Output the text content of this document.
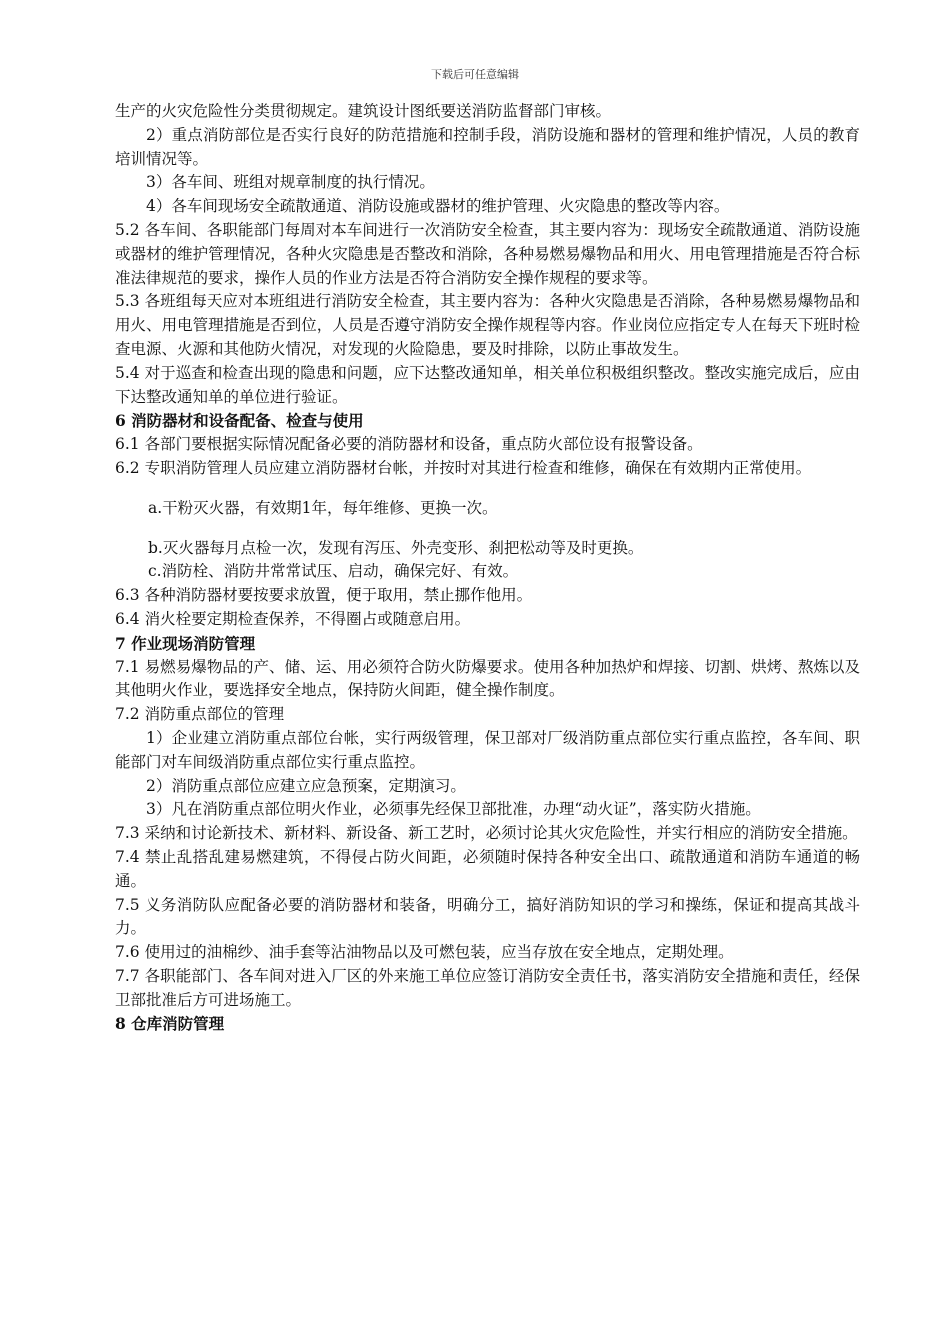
下载后可任意编辑
生产的火灾危险性分类贯彻规定。建筑设计图纸要送消防监督部门审核。
2）重点消防部位是否实行良好的防范措施和控制手段，消防设施和器材的管理和维护情况，人员的教育培训情况等。
3）各车间、班组对规章制度的执行情况。
4）各车间现场安全疏散通道、消防设施或器材的维护管理、火灾隐患的整改等内容。
5.2 各车间、各职能部门每周对本车间进行一次消防安全检查，其主要内容为：现场安全疏散通道、消防设施或器材的维护管理情况，各种火灾隐患是否整改和消除，各种易燃易爆物品和用火、用电管理措施是否符合标准法律规范的要求，操作人员的作业方法是否符合消防安全操作规程的要求等。
5.3 各班组每天应对本班组进行消防安全检查，其主要内容为：各种火灾隐患是否消除，各种易燃易爆物品和用火、用电管理措施是否到位，人员是否遵守消防安全操作规程等内容。作业岗位应指定专人在每天下班时检查电源、火源和其他防火情况，对发现的火险隐患，要及时排除，以防止事故发生。
5.4 对于巡查和检查出现的隐患和问题，应下达整改通知单，相关单位积极组织整改。整改实施完成后，应由下达整改通知单的单位进行验证。
6 消防器材和设备配备、检查与使用
6.1 各部门要根据实际情况配备必要的消防器材和设备，重点防火部位设有报警设备。
6.2 专职消防管理人员应建立消防器材台帐，并按时对其进行检查和维修，确保在有效期内正常使用。
a.干粉灭火器，有效期1年，每年维修、更换一次。
b.灭火器每月点检一次，发现有泻压、外壳变形、刹把松动等及时更换。
c.消防栓、消防井常常试压、启动，确保完好、有效。
6.3 各种消防器材要按要求放置，便于取用，禁止挪作他用。
6.4 消火栓要定期检查保养，不得圈占或随意启用。
7 作业现场消防管理
7.1 易燃易爆物品的产、储、运、用必须符合防火防爆要求。使用各种加热炉和焊接、切割、烘烤、熬炼以及其他明火作业，要选择安全地点，保持防火间距，健全操作制度。
7.2 消防重点部位的管理
1）企业建立消防重点部位台帐，实行两级管理，保卫部对厂级消防重点部位实行重点监控，各车间、职能部门对车间级消防重点部位实行重点监控。
2）消防重点部位应建立应急预案，定期演习。
3）凡在消防重点部位明火作业，必须事先经保卫部批准，办理“动火证”，落实防火措施。
7.3 采纳和讨论新技术、新材料、新设备、新工艺时，必须讨论其火灾危险性，并实行相应的消防安全措施。
7.4 禁止乱搭乱建易燃建筑，不得侵占防火间距，必须随时保持各种安全出口、疏散通道和消防车通道的畅通。
7.5 义务消防队应配备必要的消防器材和装备，明确分工，搞好消防知识的学习和操练，保证和提高其战斗力。
7.6 使用过的油棉纱、油手套等沾油物品以及可燃包装，应当存放在安全地点，定期处理。
7.7 各职能部门、各车间对进入厂区的外来施工单位应签订消防安全责任书，落实消防安全措施和责任，经保卫部批准后方可进场施工。
8 仓库消防管理
